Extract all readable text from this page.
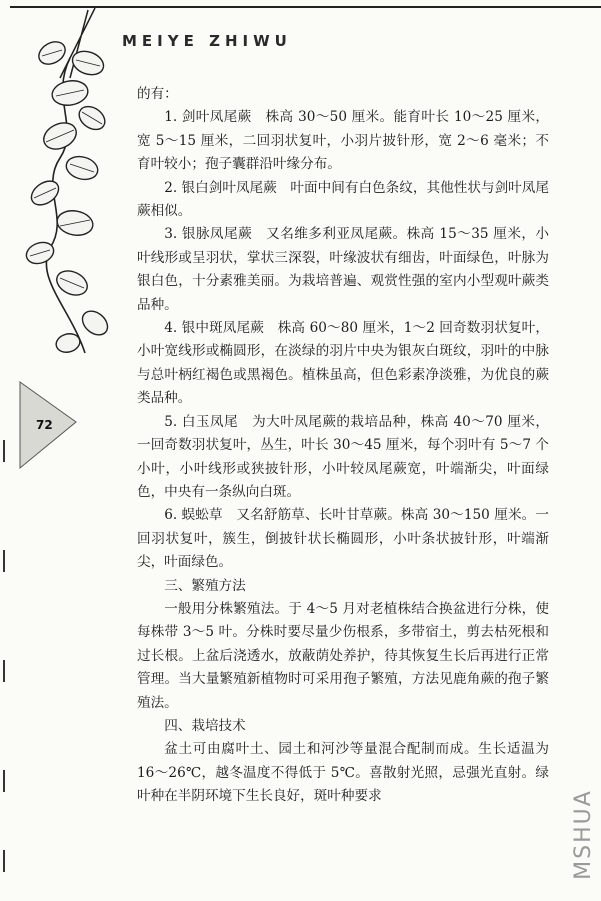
MEIYE ZHIWU
72

的有：

1. 剑叶凤尾蕨　株高 30～50 厘米。能育叶长 10～25 厘米，宽 5～15 厘米，二回羽状复叶，小羽片披针形，宽 2～6 毫米；不育叶较小；孢子囊群沿叶缘分布。

2. 银白剑叶凤尾蕨　叶面中间有白色条纹，其他性状与剑叶凤尾蕨相似。

3. 银脉凤尾蕨　又名维多利亚凤尾蕨。株高 15～35 厘米，小叶线形或呈羽状，掌状三深裂，叶缘波状有细齿，叶面绿色，叶脉为银白色，十分素雅美丽。为栽培普遍、观赏性强的室内小型观叶蕨类品种。

4. 银中斑凤尾蕨　株高 60～80 厘米，1～2 回奇数羽状复叶，小叶宽线形或椭圆形，在淡绿的羽片中央为银灰白斑纹，羽叶的中脉与总叶柄红褐色或黑褐色。植株虽高，但色彩素净淡雅，为优良的蕨类品种。

5. 白玉凤尾　为大叶凤尾蕨的栽培品种，株高 40～70 厘米，一回奇数羽状复叶，丛生，叶长 30～45 厘米，每个羽叶有 5～7 个小叶，小叶线形或狭披针形，小叶较凤尾蕨宽，叶端渐尖，叶面绿色，中央有一条纵向白斑。

6. 蜈蚣草　又名舒筋草、长叶甘草蕨。株高 30～150 厘米。一回羽状复叶，簇生，倒披针状长椭圆形，小叶条状披针形，叶端渐尖，叶面绿色。

三、繁殖方法

一般用分株繁殖法。于 4～5 月对老植株结合换盆进行分株，使每株带 3～5 叶。分株时要尽量少伤根系，多带宿土，剪去枯死根和过长根。上盆后浇透水，放蔽荫处养护，待其恢复生长后再进行正常管理。当大量繁殖新植物时可采用孢子繁殖，方法见鹿角蕨的孢子繁殖法。

四、栽培技术

盆土可由腐叶土、园土和河沙等量混合配制而成。生长适温为 16～26℃，越冬温度不得低于 5℃。喜散射光照，忌强光直射。绿叶种在半阴环境下生长良好，斑叶种要求	MSHUA
